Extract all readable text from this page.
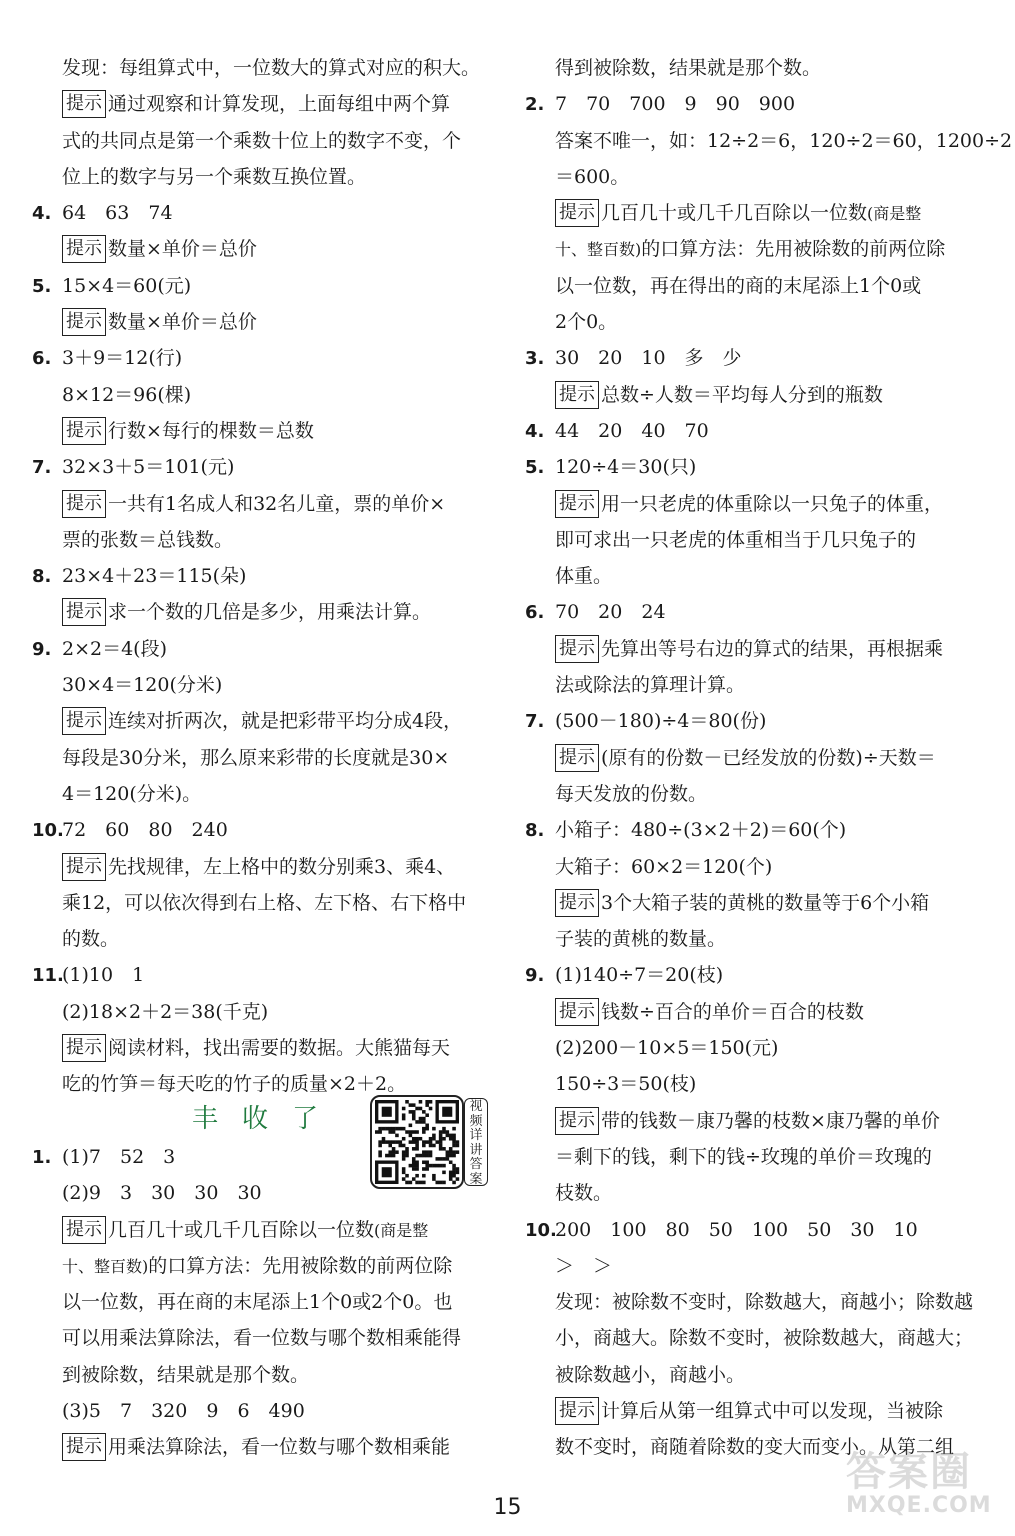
发现：每组算式中，一位数大的算式对应的积大。
提示 通过观察和计算发现，上面每组中两个算
式的共同点是第一个乘数十位上的数字不变，个
位上的数字与另一个乘数互换位置。
4. 64　63　74
提示 数量×单价＝总价
5. 15×4＝60(元)
提示 数量×单价＝总价
6. 3＋9＝12(行)
8×12＝96(棵)
提示 行数×每行的棵数＝总数
7. 32×3＋5＝101(元)
提示 一共有1名成人和32名儿童，票的单价×
票的张数＝总钱数。
8. 23×4＋23＝115(朵)
提示 求一个数的几倍是多少，用乘法计算。
9. 2×2＝4(段)
30×4＝120(分米)
提示 连续对折两次，就是把彩带平均分成4段，
每段是30分米，那么原来彩带的长度就是30×
4＝120(分米)。
10.72　60　80　240
提示 先找规律，左上格中的数分别乘3、乘4、
乘12，可以依次得到右上格、左下格、右下格中
的数。
11.(1)10　1
(2)18×2＋2＝38(千克)
提示 阅读材料，找出需要的数据。大熊猫每天
吃的竹笋＝每天吃的竹子的质量×2＋2。
丰收了
1. (1)7　52　3
(2)9　3　30　30　30
提示 几百几十或几千几百除以一位数(商是整
十、整百数)的口算方法：先用被除数的前两位除
以一位数，再在商的末尾添上1个0或2个0。也
可以用乘法算除法，看一位数与哪个数相乘能得
到被除数，结果就是那个数。
(3)5　7　320　9　6　490
提示 用乘法算除法，看一位数与哪个数相乘能
得到被除数，结果就是那个数。
2. 7　70　700　9　90　900
答案不唯一，如：12÷2＝6，120÷2＝60，1200÷2
＝600。
提示 几百几十或几千几百除以一位数(商是整
十、整百数)的口算方法：先用被除数的前两位除
以一位数，再在得出的商的末尾添上1个0或
2个0。
3. 30　20　10　多　少
提示 总数÷人数＝平均每人分到的瓶数
4. 44　20　40　70
5. 120÷4＝30(只)
提示 用一只老虎的体重除以一只兔子的体重，
即可求出一只老虎的体重相当于几只兔子的
体重。
6. 70　20　24
提示 先算出等号右边的算式的结果，再根据乘
法或除法的算理计算。
7. (500－180)÷4＝80(份)
提示 (原有的份数－已经发放的份数)÷天数＝
每天发放的份数。
8. 小箱子：480÷(3×2＋2)＝60(个)
大箱子：60×2＝120(个)
提示 3个大箱子装的黄桃的数量等于6个小箱
子装的黄桃的数量。
9. (1)140÷7＝20(枝)
提示 钱数÷百合的单价＝百合的枝数
(2)200－10×5＝150(元)
150÷3＝50(枝)
提示 带的钱数－康乃馨的枝数×康乃馨的单价
＝剩下的钱，剩下的钱÷玫瑰的单价＝玫瑰的
枝数。
10.200　100　80　50　100　50　30　10
＞　＞
发现：被除数不变时，除数越大，商越小；除数越
小，商越大。除数不变时，被除数越大，商越大；
被除数越小，商越小。
提示 计算后从第一组算式中可以发现，当被除
数不变时，商随着除数的变大而变小。从第二组
视频详讲答案
15
答案圈
MXQE.COM
